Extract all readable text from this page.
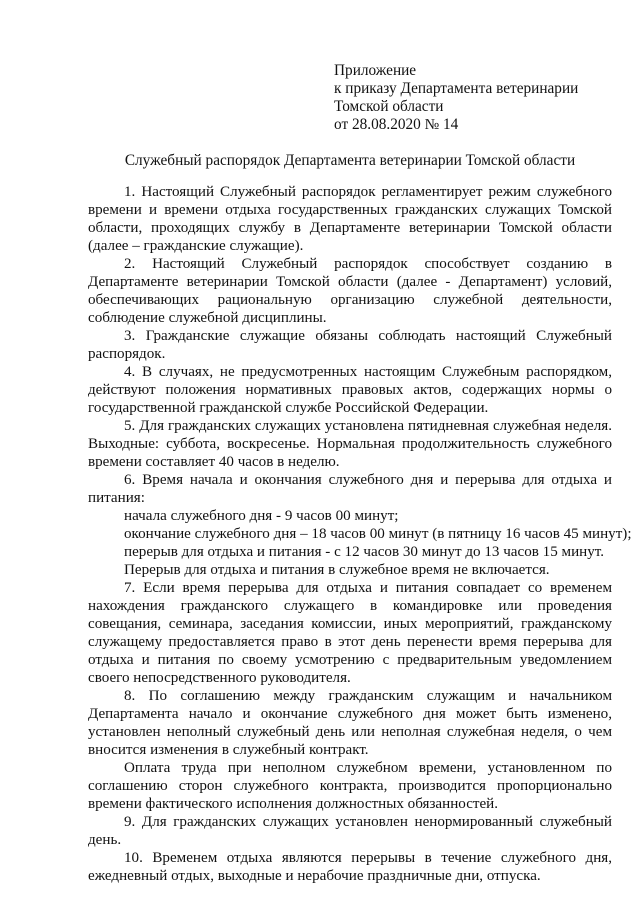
Приложение
к приказу Департамента ветеринарии
Томской области
от 28.08.2020 № 14
Служебный распорядок Департамента ветеринарии Томской области

1. Настоящий Служебный распорядок регламентирует режим служебного времени и времени отдыха государственных гражданских служащих Томской области, проходящих службу в Департаменте ветеринарии Томской области (далее – гражданские служащие).

2. Настоящий Служебный распорядок способствует созданию в Департаменте ветеринарии Томской области (далее - Департамент) условий, обеспечивающих рациональную организацию служебной деятельности, соблюдение служебной дисциплины.

3. Гражданские служащие обязаны соблюдать настоящий Служебный распорядок.

4. В случаях, не предусмотренных настоящим Служебным распорядком, действуют положения нормативных правовых актов, содержащих нормы о государственной гражданской службе Российской Федерации.

5. Для гражданских служащих установлена пятидневная служебная неделя. Выходные: суббота, воскресенье. Нормальная продолжительность служебного времени составляет 40 часов в неделю.

6. Время начала и окончания служебного дня и перерыва для отдыха и питания:

начала служебного дня - 9 часов 00 минут;

окончание служебного дня – 18 часов 00 минут (в пятницу 16 часов 45 минут);

перерыв для отдыха и питания - с 12 часов 30 минут до 13 часов 15 минут.

Перерыв для отдыха и питания в служебное время не включается.

7. Если время перерыва для отдыха и питания совпадает со временем нахождения гражданского служащего в командировке или проведения совещания, семинара, заседания комиссии, иных мероприятий, гражданскому служащему предоставляется право в этот день перенести время перерыва для отдыха и питания по своему усмотрению с предварительным уведомлением своего непосредственного руководителя.

8. По соглашению между гражданским служащим и начальником Департамента начало и окончание служебного дня может быть изменено, установлен неполный служебный день или неполная служебная неделя, о чем вносится изменения в служебный контракт.

Оплата труда при неполном служебном времени, установленном по соглашению сторон служебного контракта, производится пропорционально времени фактического исполнения должностных обязанностей.

9. Для гражданских служащих установлен ненормированный служебный день.

10. Временем отдыха являются перерывы в течение служебного дня, ежедневный отдых, выходные и нерабочие праздничные дни, отпуска.
